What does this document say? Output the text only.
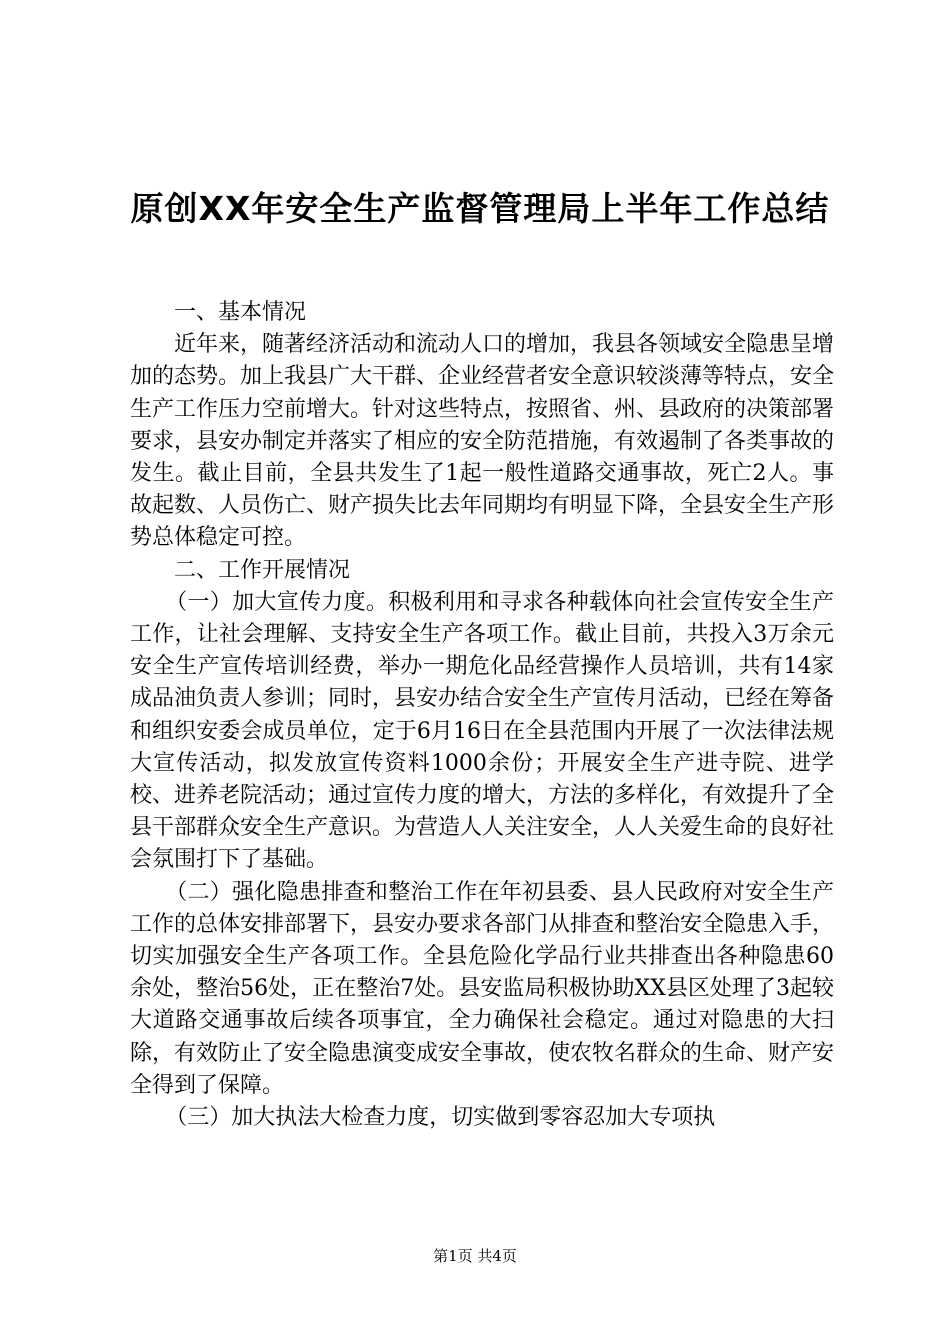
原创XX年安全生产监督管理局上半年工作总结

一、基本情况

近年来，随著经济活动和流动人口的增加，我县各领域安全隐患呈增加的态势。加上我县广大干群、企业经营者安全意识较淡薄等特点，安全生产工作压力空前增大。针对这些特点，按照省、州、县政府的决策部署要求，县安办制定并落实了相应的安全防范措施，有效遏制了各类事故的发生。截止目前，全县共发生了1起一般性道路交通事故，死亡2人。事故起数、人员伤亡、财产损失比去年同期均有明显下降，全县安全生产形势总体稳定可控。

二、工作开展情况

（一）加大宣传力度。积极利用和寻求各种载体向社会宣传安全生产工作，让社会理解、支持安全生产各项工作。截止目前，共投入3万余元安全生产宣传培训经费，举办一期危化品经营操作人员培训，共有14家成品油负责人参训；同时，县安办结合安全生产宣传月活动，已经在筹备和组织安委会成员单位，定于6月16日在全县范围内开展了一次法律法规大宣传活动，拟发放宣传资料1000余份；开展安全生产进寺院、进学校、进养老院活动；通过宣传力度的增大，方法的多样化，有效提升了全县干部群众安全生产意识。为营造人人关注安全，人人关爱生命的良好社会氛围打下了基础。

（二）强化隐患排查和整治工作在年初县委、县人民政府对安全生产工作的总体安排部署下，县安办要求各部门从排查和整治安全隐患入手，切实加强安全生产各项工作。全县危险化学品行业共排查出各种隐患60余处，整治56处，正在整治7处。县安监局积极协助XX县区处理了3起较大道路交通事故后续各项事宜，全力确保社会稳定。通过对隐患的大扫除，有效防止了安全隐患演变成安全事故，使农牧名群众的生命、财产安全得到了保障。

（三）加大执法大检查力度，切实做到零容忍加大专项执

第1页 共4页
